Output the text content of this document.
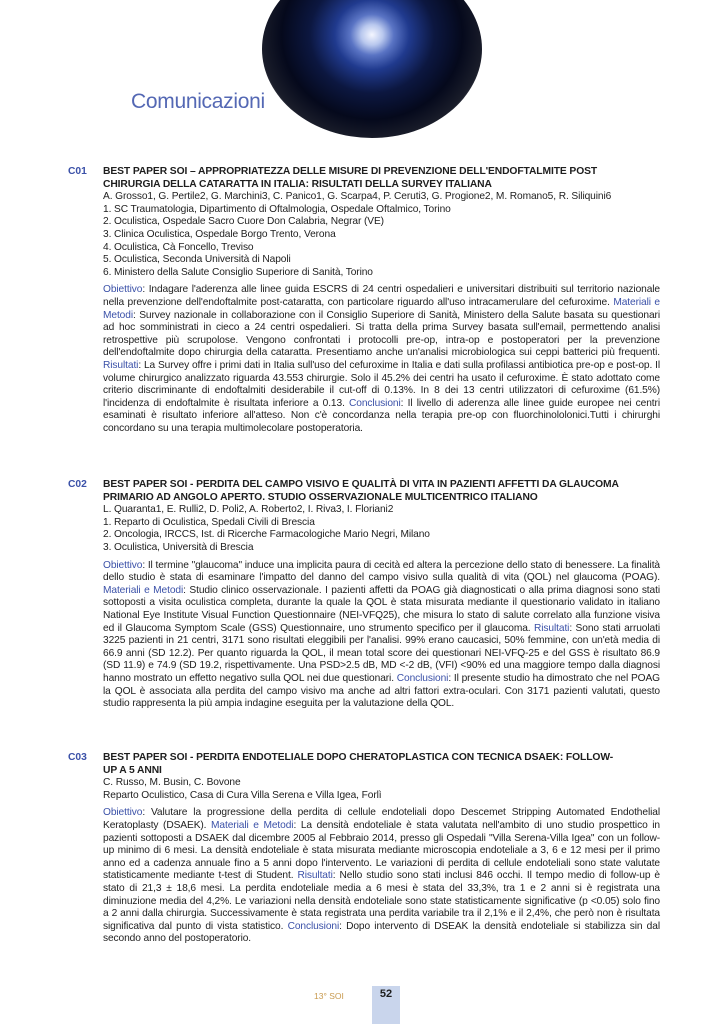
Comunicazioni
C01	BEST PAPER SOI – APPROPRIATEZZA DELLE MISURE DI PREVENZIONE DELL'ENDOFTALMITE POST

CHIRURGIA DELLA CATARATTA IN ITALIA: RISULTATI DELLA SURVEY ITALIANA

A. Grosso1, G. Pertile2, G. Marchini3, C. Panico1, G. Scarpa4, P. Ceruti3, G. Progione2, M. Romano5, R. Siliquini6

1. SC Traumatologia, Dipartimento di Oftalmologia, Ospedale Oftalmico, Torino

2. Oculistica, Ospedale Sacro Cuore Don Calabria, Negrar (VE)

3. Clinica Oculistica, Ospedale Borgo Trento, Verona

4. Oculistica, Cà Foncello, Treviso

5. Oculistica, Seconda Università di Napoli

6. Ministero della Salute Consiglio Superiore di Sanità, Torino

Obiettivo: Indagare l'aderenza alle linee guida ESCRS di 24 centri ospedalieri e universitari distribuiti sul territorio nazionale nella prevenzione dell'endoftalmite post-cataratta, con particolare riguardo all'uso intracamerulare del cefuroxime. Materiali e Metodi: Survey nazionale in collaborazione con il Consiglio Superiore di Sanità, Ministero della Salute basata su questionari ad hoc somministrati in cieco a 24 centri ospedalieri. Si tratta della prima Survey basata sull'email, permettendo analisi retrospettive più scrupolose. Vengono confrontati i protocolli pre-op, intra-op e postoperatori per la prevenzione dell'endoftalmite dopo chirurgia della cataratta. Presentiamo anche un'analisi microbiologica sui ceppi batterici più frequenti. Risultati: La Survey offre i primi dati in Italia sull'uso del cefuroxime in Italia e dati sulla profilassi antibiotica pre-op e post-op. Il volume chirurgico analizzato riguarda 43.553 chirurgie. Solo il 45.2% dei centri ha usato il cefuroxime. È stato adottato come criterio discriminante di endoftalmiti desiderabile il cut-off di 0.13%. In 8 dei 13 centri utilizzatori di cefuroxime (61.5%) l'incidenza di endoftalmite è risultata inferiore a 0.13. Conclusioni: Il livello di aderenza alle linee guide europee nei centri esaminati è risultato inferiore all'atteso. Non c'è concordanza nella terapia pre-op con fluorchinololonici.Tutti i chirurghi concordano su una terapia multimolecolare postoperatoria.

C02	BEST PAPER SOI - PERDITA DEL CAMPO VISIVO E QUALITÀ DI VITA IN PAZIENTI AFFETTI DA GLAUCOMA

PRIMARIO AD ANGOLO APERTO. STUDIO OSSERVAZIONALE MULTICENTRICO ITALIANO

L. Quaranta1, E. Rulli2, D. Poli2, A. Roberto2, I. Riva3, I. Floriani2

1. Reparto di Oculistica, Spedali Civili di Brescia

2. Oncologia, IRCCS, Ist. di Ricerche Farmacologiche Mario Negri, Milano

3. Oculistica, Università di Brescia

Obiettivo: Il termine "glaucoma" induce una implicita paura di cecità ed altera la percezione dello stato di benessere. La finalità dello studio è stata di esaminare l'impatto del danno del campo visivo sulla qualità di vita (QOL) nel glaucoma (POAG). Materiali e Metodi: Studio clinico osservazionale. I pazienti affetti da POAG già diagnosticati o alla prima diagnosi sono stati sottoposti a visita oculistica completa, durante la quale la QOL è stata misurata mediante il questionario validato in italiano National Eye Institute Visual Function Questionnaire (NEI-VFQ25), che misura lo stato di salute correlato alla funzione visiva ed il Glaucoma Symptom Scale (GSS) Questionnaire, uno strumento specifico per il glaucoma. Risultati: Sono stati arruolati 3225 pazienti in 21 centri, 3171 sono risultati eleggibili per l'analisi. 99% erano caucasici, 50% femmine, con un'età media di 66.9 anni (SD 12.2). Per quanto riguarda la QOL, il mean total score dei questionari NEI-VFQ-25 e del GSS è risultato 86.9 (SD 11.9) e 74.9 (SD 19.2, rispettivamente. Una PSD>2.5 dB, MD <-2 dB, (VFI) <90% ed una maggiore tempo dalla diagnosi hanno mostrato un effetto negativo sulla QOL nei due questionari. Conclusioni: Il presente studio ha dimostrato che nel POAG la QOL è associata alla perdita del campo visivo ma anche ad altri fattori extra-oculari. Con 3171 pazienti valutati, questo studio rappresenta la più ampia indagine eseguita per la valutazione della QOL.

C03	BEST PAPER SOI - PERDITA ENDOTELIALE DOPO CHERATOPLASTICA CON TECNICA DSAEK: FOLLOW-

UP A 5 ANNI

C. Russo, M. Busin, C. Bovone

Reparto Oculistico, Casa di Cura Villa Serena e Villa Igea, Forlì

Obiettivo: Valutare la progressione della perdita di cellule endoteliali dopo Descemet Stripping Automated Endothelial Keratoplasty (DSAEK). Materiali e Metodi: La densità endoteliale è stata valutata nell'ambito di uno studio prospettico in pazienti sottoposti a DSAEK dal dicembre 2005 al Febbraio 2014, presso gli Ospedali "Villa Serena-Villa Igea" con un follow-up minimo di 6 mesi. La densità endoteliale è stata misurata mediante microscopia endoteliale a 3, 6 e 12 mesi per il primo anno ed a cadenza annuale fino a 5 anni dopo l'intervento. Le variazioni di perdita di cellule endoteliali sono state valutate statisticamente mediante t-test di Student. Risultati: Nello studio sono stati inclusi 846 occhi. Il tempo medio di follow-up è stato di 21,3 ± 18,6 mesi. La perdita endoteliale media a 6 mesi è stata del 33,3%, tra 1 e 2 anni si è registrata una diminuzione media del 4,2%. Le variazioni nella densità endoteliale sono state statisticamente significative (p <0.05) solo fino a 2 anni dalla chirurgia. Successivamente è stata registrata una perdita variabile tra il 2,1% e il 2,4%, che però non è risultata significativa dal punto di vista statistico. Conclusioni: Dopo intervento di DSEAK la densità endoteliale si stabilizza sin dal secondo anno del postoperatorio.

13° SOI	52
